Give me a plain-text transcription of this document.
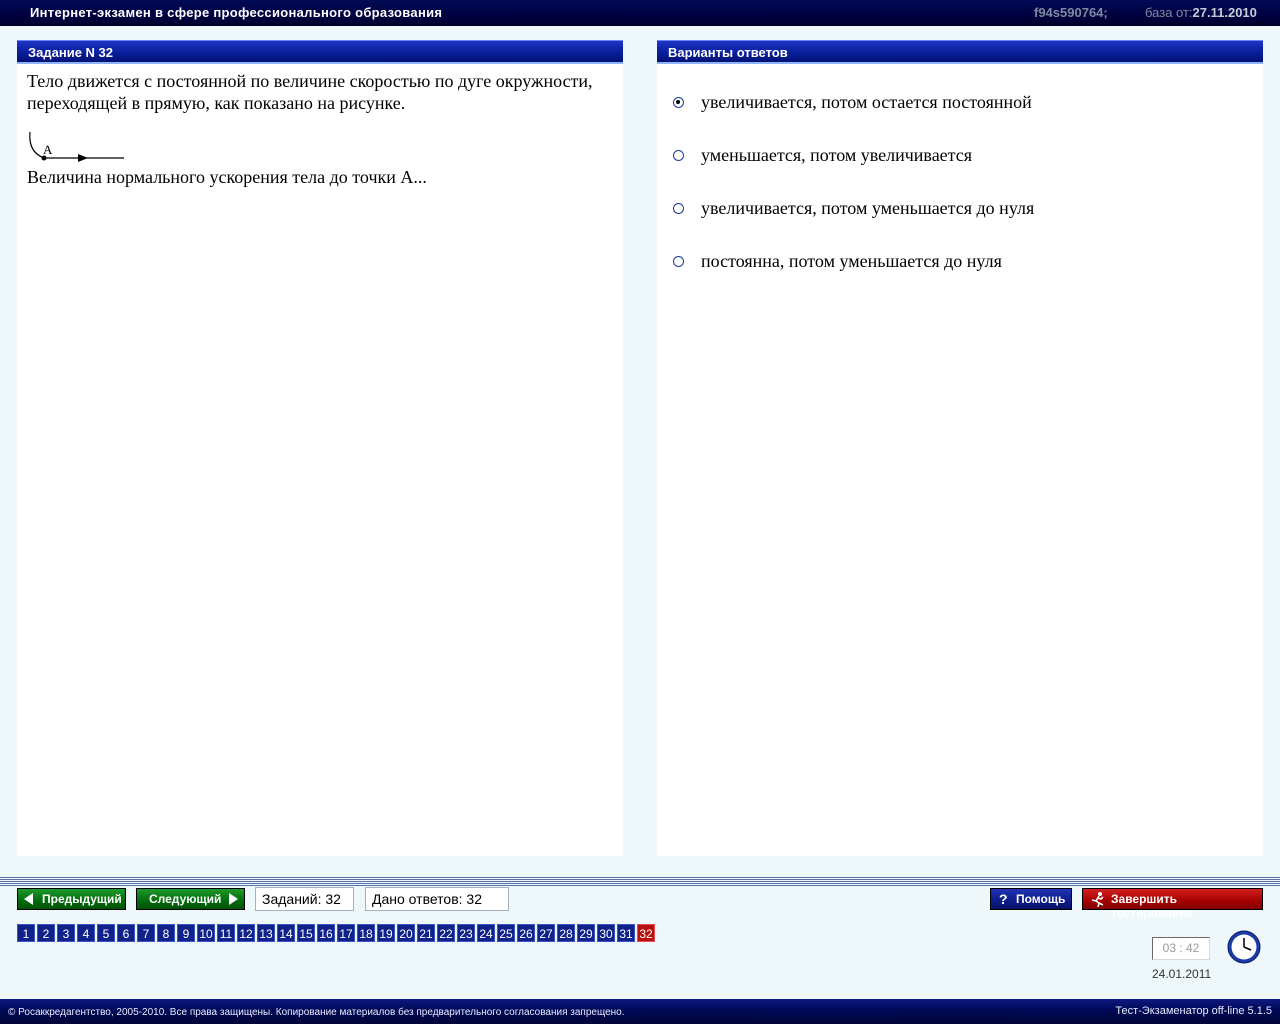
Интернет-экзамен в сфере профессионального образования	f94s590764;	база от:27.11.2010
Задание N 32
Тело движется с постоянной по величине скоростью по дуге окружности, переходящей в прямую, как показано на рисунке.
A
Величина нормального ускорения тела до точки А...
Варианты ответов
увеличивается, потом остается постоянной
уменьшается, потом увеличивается
увеличивается, потом уменьшается до нуля
постоянна, потом уменьшается до нуля
Предыдущий Следующий	Заданий: 32	Дано ответов: 32	? Помощь	Завершить тестирование
1	2	3	4	5	6	7	8	9 10 11 12 13 14 15 16 17 18 19 20 21 22 23 24 25 26 27 28 29 30 31 32
03 : 42
24.01.2011
© Росаккредагентство, 2005-2010. Все права защищены. Копирование материалов без предварительного согласования запрещено.	Тест-Экзаменатор off-line 5.1.5
